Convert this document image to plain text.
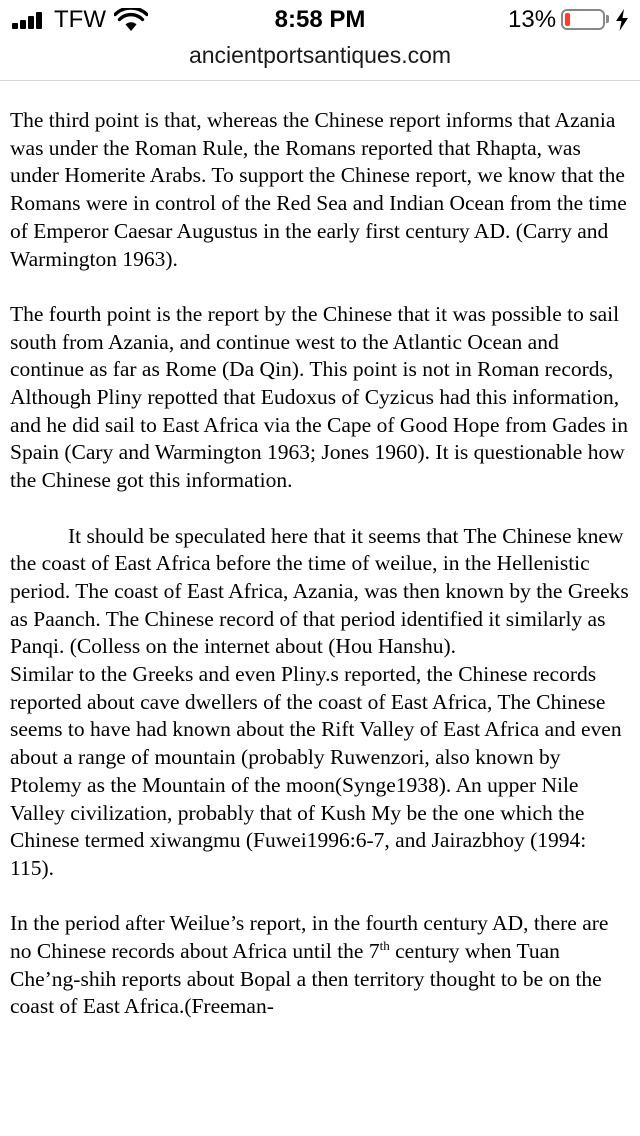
TFW	8:58 PM	13%
ancientportsantiques.com

The third point is that, whereas the Chinese report informs that Azania was under the Roman Rule, the Romans reported that Rhapta, was under Homerite Arabs. To support the Chinese report, we know that the Romans were in control of the Red Sea and Indian Ocean from the time of Emperor Caesar Augustus in the early first century AD. (Carry and Warmington 1963).

The fourth point is the report by the Chinese that it was possible to sail south from Azania, and continue west to the Atlantic Ocean and continue as far as Rome (Da Qin). This point is not in Roman records, Although Pliny repotted that Eudoxus of Cyzicus had this information, and he did sail to East Africa via the Cape of Good Hope from Gades in Spain (Cary and Warmington 1963; Jones 1960). It is questionable how the Chinese got this information.

It should be speculated here that it seems that The Chinese knew the coast of East Africa before the time of weilue, in the Hellenistic period. The coast of East Africa, Azania, was then known by the Greeks as Paanch. The Chinese record of that period identified it similarly as Panqi. (Colless on the internet about (Hou Hanshu).

Similar to the Greeks and even Pliny.s reported, the Chinese records reported about cave dwellers of the coast of East Africa, The Chinese seems to have had known about the Rift Valley of East Africa and even about a range of mountain (probably Ruwenzori, also known by Ptolemy as the Mountain of the moon(Synge1938). An upper Nile Valley civilization, probably that of Kush My be the one which the Chinese termed xiwangmu (Fuwei1996:6-7, and Jairazbhoy (1994: 115).

In the period after Weilue’s report, in the fourth century AD, there are no Chinese records about Africa until the 7th century when Tuan Che’ng-shih reports about Bopal a then territory thought to be on the coast of East Africa.(Freeman-
